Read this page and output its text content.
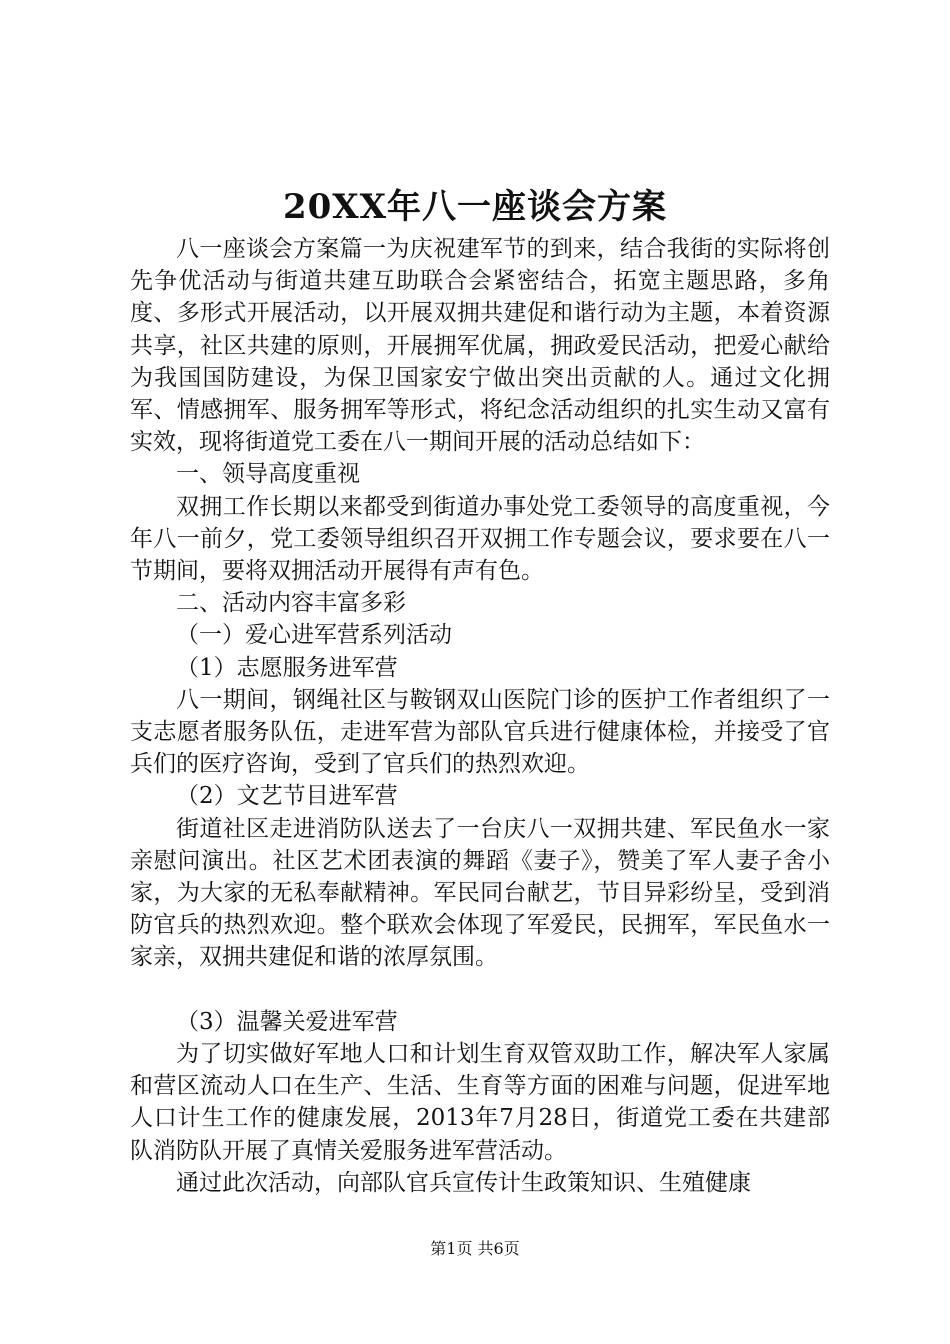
20XX年八一座谈会方案

八一座谈会方案篇一为庆祝建军节的到来，结合我街的实际将创先争优活动与街道共建互助联合会紧密结合，拓宽主题思路，多角度、多形式开展活动，以开展双拥共建促和谐行动为主题，本着资源共享，社区共建的原则，开展拥军优属，拥政爱民活动，把爱心献给为我国国防建设，为保卫国家安宁做出突出贡献的人。通过文化拥军、情感拥军、服务拥军等形式，将纪念活动组织的扎实生动又富有实效，现将街道党工委在八一期间开展的活动总结如下：

一、领导高度重视

双拥工作长期以来都受到街道办事处党工委领导的高度重视，今年八一前夕，党工委领导组织召开双拥工作专题会议，要求要在八一节期间，要将双拥活动开展得有声有色。

二、活动内容丰富多彩

（一）爱心进军营系列活动

（1）志愿服务进军营

八一期间，钢绳社区与鞍钢双山医院门诊的医护工作者组织了一支志愿者服务队伍，走进军营为部队官兵进行健康体检，并接受了官兵们的医疗咨询，受到了官兵们的热烈欢迎。

（2）文艺节目进军营

街道社区走进消防队送去了一台庆八一双拥共建、军民鱼水一家亲慰问演出。社区艺术团表演的舞蹈《妻子》，赞美了军人妻子舍小家，为大家的无私奉献精神。军民同台献艺，节目异彩纷呈，受到消防官兵的热烈欢迎。整个联欢会体现了军爱民，民拥军，军民鱼水一家亲，双拥共建促和谐的浓厚氛围。

（3）温馨关爱进军营

为了切实做好军地人口和计划生育双管双助工作，解决军人家属和营区流动人口在生产、生活、生育等方面的困难与问题，促进军地人口计生工作的健康发展，2013年7月28日，街道党工委在共建部队消防队开展了真情关爱服务进军营活动。

通过此次活动，向部队官兵宣传计生政策知识、生殖健康

第1页 共6页
